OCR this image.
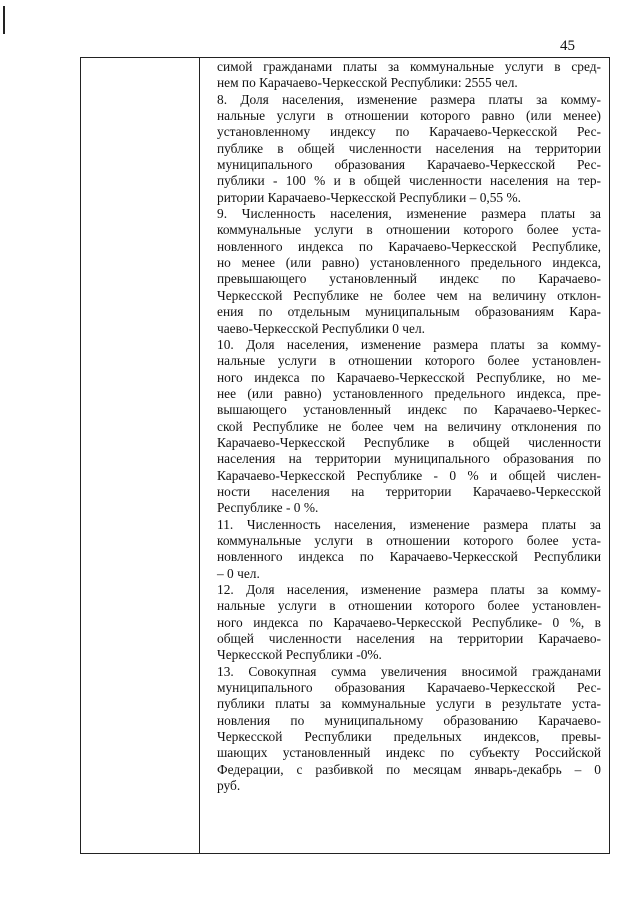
45
симой гражданами платы за коммунальные услуги в сред-
нем по Карачаево-Черкесской Республики: 2555 чел.
8. Доля населения, изменение размера платы за комму-
нальные услуги в отношении которого равно (или менее)
установленному индексу по Карачаево-Черкесской Рес-
публике в общей численности населения на территории
муниципального образования Карачаево-Черкесской Рес-
публики - 100 % и в общей численности населения на тер-
ритории Карачаево-Черкесской Республики – 0,55 %.
9. Численность населения, изменение размера платы за
коммунальные услуги в отношении которого более уста-
новленного индекса по Карачаево-Черкесской Республике,
но менее (или равно) установленного предельного индекса,
превышающего установленный индекс по Карачаево-
Черкесской Республике не более чем на величину отклон-
ения по отдельным муниципальным образованиям Кара-
чаево-Черкесской Республики 0 чел.
10. Доля населения, изменение размера платы за комму-
нальные услуги в отношении которого более установлен-
ного индекса по Карачаево-Черкесской Республике, но ме-
нее (или равно) установленного предельного индекса, пре-
вышающего установленный индекс по Карачаево-Черкес-
ской Республике не более чем на величину отклонения по
Карачаево-Черкесской Республике в общей численности
населения на территории муниципального образования по
Карачаево-Черкесской Республике - 0 % и общей числен-
ности населения на территории Карачаево-Черкесской
Республике - 0 %.
11. Численность населения, изменение размера платы за
коммунальные услуги в отношении которого более уста-
новленного индекса по Карачаево-Черкесской Республики
– 0 чел.
12. Доля населения, изменение размера платы за комму-
нальные услуги в отношении которого более установлен-
ного индекса по Карачаево-Черкесской Республике- 0 %, в
общей численности населения на территории Карачаево-
Черкесской Республики -0%.
13. Совокупная сумма увеличения вносимой гражданами
муниципального образования Карачаево-Черкесской Рес-
публики платы за коммунальные услуги в результате уста-
новления по муниципальному образованию Карачаево-
Черкесской Республики предельных индексов, превы-
шающих установленный индекс по субъекту Российской
Федерации, с разбивкой по месяцам январь-декабрь – 0
руб.
